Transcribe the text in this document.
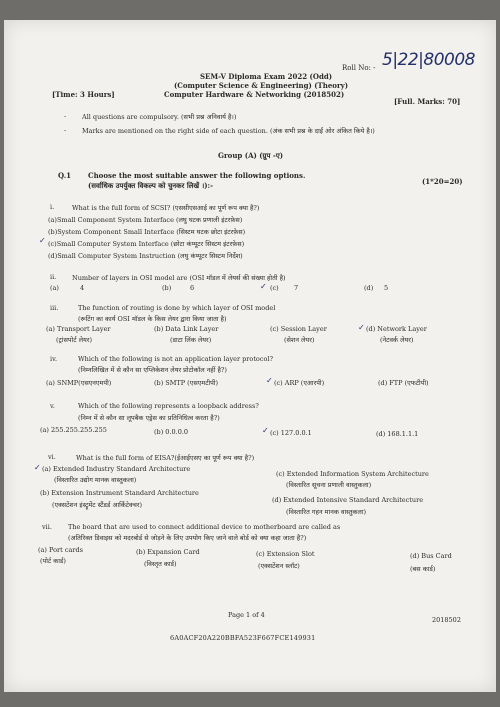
Roll No: - 5|22|80008
SEM-V Diploma Exam 2022 (Odd)
(Computer Science & Engineering) (Theory)
[Time: 3 Hours]	Computer Hardware & Networking (2018502)
[Full. Marks: 70]
- All questions are compulsory. (सभी प्रश्न अनिवार्य है।)
- Marks are mentioned on the right side of each question. (अंक सभी प्रश्न के दाईं ओर अंकित किये है।)
Group (A) (ग्रुप -ए)
Q.1 Choose the most suitable answer the following options.
(सर्वाधिक उपर्युक्त विकल्प को चुनकर लिखें ।):-	(1*20=20)
i.	What is the full form of SCSI? (एससीएसआई का पूर्ण रूप क्या है?)
(a)Small Component System Interface (लघु घटक प्रणाली इंटरफ़ेस)
(b)System Component Small Interface (सिस्टम घटक छोटा इंटरफ़ेस)
(c)Small Computer System Interface (छोटा कंप्यूटर सिस्टम इंटरफ़ेस)
✓
(d)Small Computer System Instruction (लघु कंप्यूटर सिस्टम निर्देश)
ii. Number of layers in OSI model are (OSI मॉडल में लेयर्स की संख्या होती है)
(a)	4	(b)	6	✓ (c) 7	(d) 5
iii.	The function of routing is done by which layer of OSI model
(रूटिंग का कार्य OSI मॉडल के किस लेयर द्वारा किया जाता है)
(a) Transport Layer
(ट्रांसपोर्ट लेयर)
(b) Data Link Layer
(डाटा लिंक लेयर)
(c) Session Layer
(सेशन लेयर)
✓ (d) Network Layer
(नेटवर्क लेयर)
iv.	Which of the following is not an application layer protocol?
(निम्नलिखित में से कौन सा एप्लिकेशन लेयर प्रोटोकॉल नहीं है?)
(a) SNMP(एसएनएमपी)	(b) SMTP (एसएमटीपी)	✓ (c) ARP (एआरपी)	(d) FTP (एफटीपी)
v.	Which of the following represents a loopback address?
(निम्न में से कौन सा लूपबैक एड्रेस का प्रतिनिधित्व करता है?)
(a) 255.255.255.255	(b) 0.0.0.0	✓ (c) 127.0.0.1	(d) 168.1.1.1
vi.	What is the full form of EISA?(ईआईएसए का पूर्ण रूप क्या है?)
✓ (a) Extended Industry Standard Architecture
(विस्तारित उद्योग मानक वास्तुकला)
(c) Extended Information System Architecture
(विस्तारित सूचना प्रणाली वास्तुकला)
(b) Extension Instrument Standard Architecture
(एक्सटेंशन इंस्ट्रूमेंट स्टैंडर्ड आर्किटेक्चर)
(d) Extended Intensive Standard Architecture
(विस्तारित गहन मानक वास्तुकला)
vii. The board that are used to connect additional device to motherboard are called as
(अतिरिक्त डिवाइस को मदरबोर्ड से जोड़ने के लिए उपयोग किए जाने वाले बोर्ड को क्या कहा जाता है?)
(a) Port cards
(पोर्ट कार्ड)
(b) Expansion Card
(विस्तृत कार्ड)
(c) Extension Slot
(एक्सटेंशन स्लॉट)
(d) Bus Card
(बस कार्ड)
Page 1 of 4
2018502
6A0ACF20A220BBFA523F667FCE149931
